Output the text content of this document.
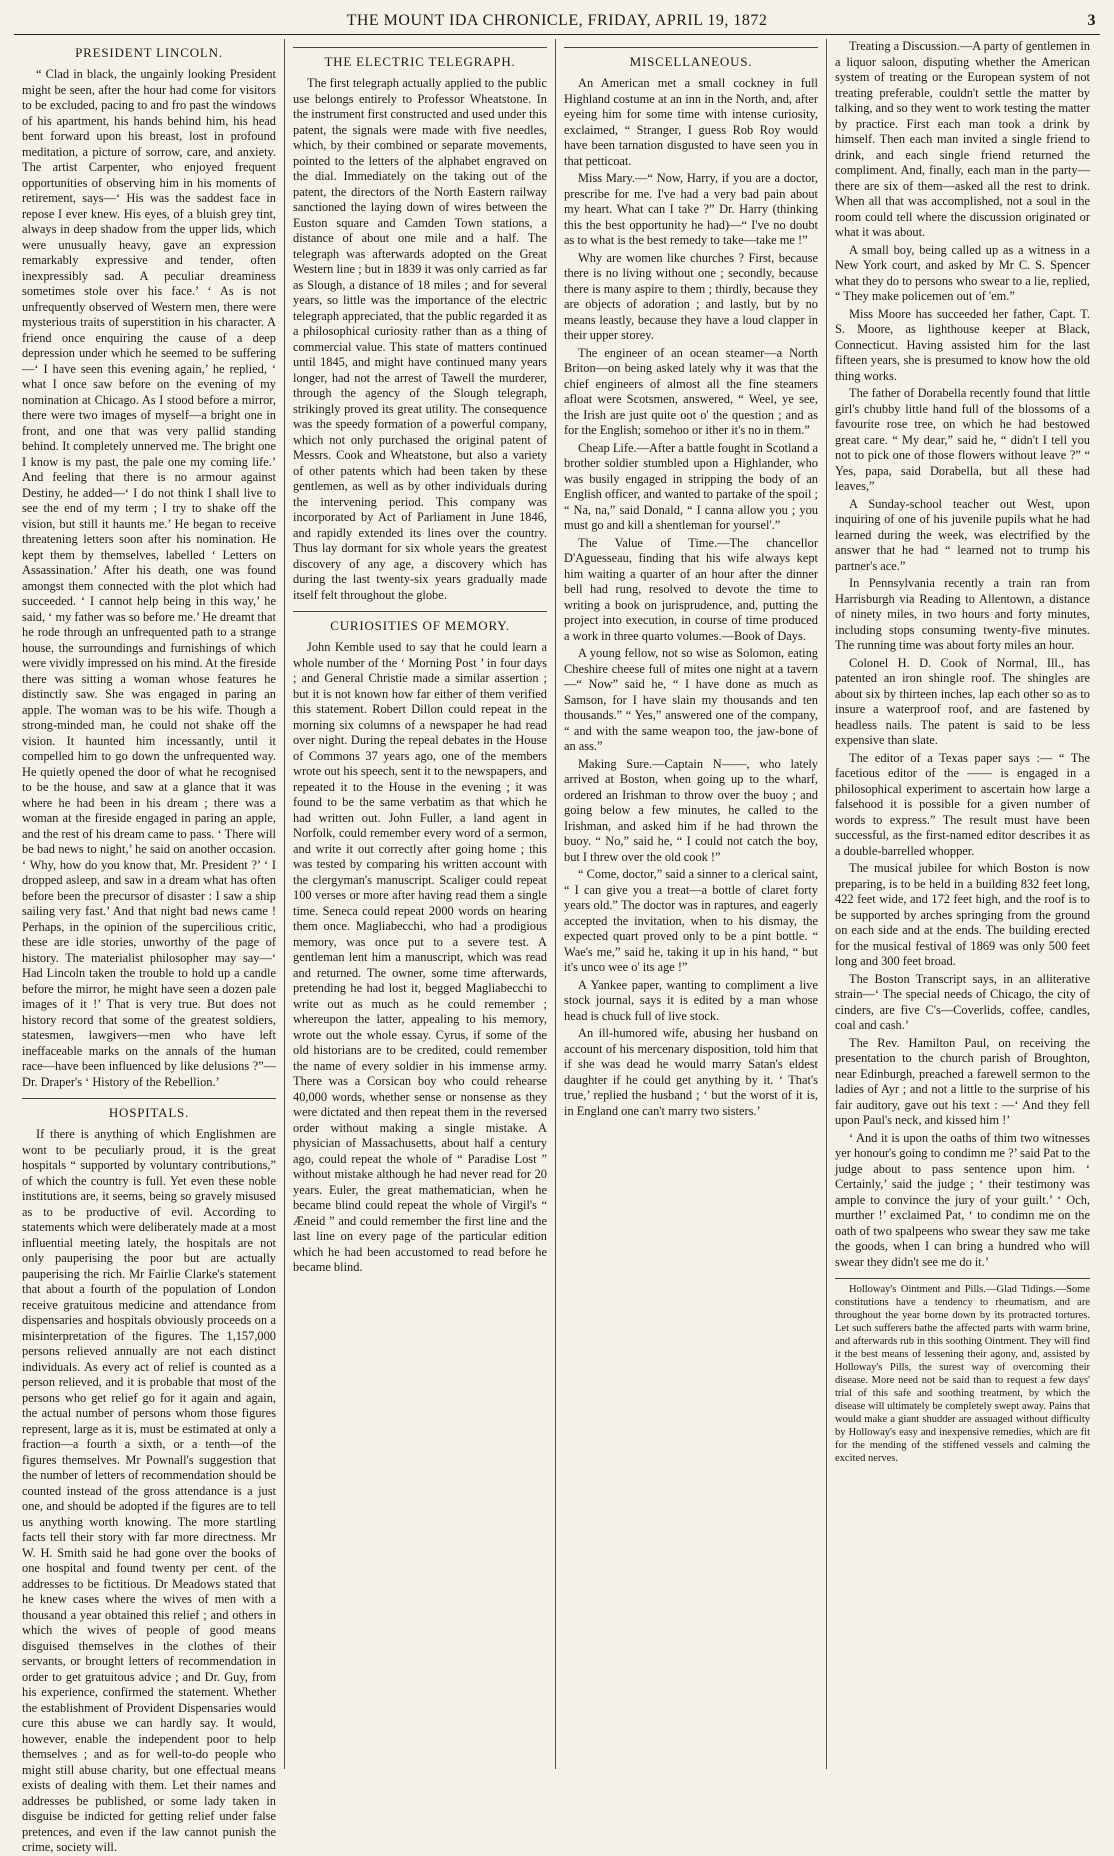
THE MOUNT IDA CHRONICLE, FRIDAY, APRIL 19, 1872	3
PRESIDENT LINCOLN.

“ Clad in black, the ungainly looking President might be seen, after the hour had come for visitors to be excluded, pacing to and fro past the windows of his apartment, his hands behind him, his head bent forward upon his breast, lost in profound meditation, a picture of sorrow, care, and anxiety. The artist Carpenter, who enjoyed frequent opportunities of observing him in his moments of retirement, says—‘ His was the saddest face in repose I ever knew. His eyes, of a bluish grey tint, always in deep shadow from the upper lids, which were unusually heavy, gave an expression remarkably expressive and tender, often inexpressibly sad. A peculiar dreaminess sometimes stole over his face.’ ‘ As is not unfrequently observed of Western men, there were mysterious traits of superstition in his character. A friend once enquiring the cause of a deep depression under which he seemed to be suffering—‘ I have seen this evening again,’ he replied, ‘ what I once saw before on the evening of my nomination at Chicago. As I stood before a mirror, there were two images of myself—a bright one in front, and one that was very pallid standing behind. It completely unnerved me. The bright one I know is my past, the pale one my coming life.’ And feeling that there is no armour against Destiny, he added—‘ I do not think I shall live to see the end of my term ; I try to shake off the vision, but still it haunts me.’ He began to receive threatening letters soon after his nomination. He kept them by themselves, labelled ‘ Letters on Assassination.’ After his death, one was found amongst them connected with the plot which had succeeded. ‘ I cannot help being in this way,’ he said, ‘ my father was so before me.’ He dreamt that he rode through an unfrequented path to a strange house, the surroundings and furnishings of which were vividly impressed on his mind. At the fireside there was sitting a woman whose features he distinctly saw. She was engaged in paring an apple. The woman was to be his wife. Though a strong-minded man, he could not shake off the vision. It haunted him incessantly, until it compelled him to go down the unfrequented way. He quietly opened the door of what he recognised to be the house, and saw at a glance that it was where he had been in his dream ; there was a woman at the fireside engaged in paring an apple, and the rest of his dream came to pass. ‘ There will be bad news to night,’ he said on another occasion. ‘ Why, how do you know that, Mr. President ?’ ‘ I dropped asleep, and saw in a dream what has often before been the precursor of disaster : I saw a ship sailing very fast.’ And that night bad news came ! Perhaps, in the opinion of the supercilious critic, these are idle stories, unworthy of the page of history. The materialist philosopher may say—‘ Had Lincoln taken the trouble to hold up a candle before the mirror, he might have seen a dozen pale images of it !’ That is very true. But does not history record that some of the greatest soldiers, statesmen, lawgivers—men who have left ineffaceable marks on the annals of the human race—have been influenced by like delusions ?”—Dr. Draper's ‘ History of the Rebellion.’

HOSPITALS.

If there is anything of which Englishmen are wont to be peculiarly proud, it is the great hospitals “ supported by voluntary contributions,” of which the country is full. Yet even these noble institutions are, it seems, being so gravely misused as to be productive of evil. According to statements which were deliberately made at a most influential meeting lately, the hospitals are not only pauperising the poor but are actually pauperising the rich. Mr Fairlie Clarke's statement that about a fourth of the population of London receive gratuitous medicine and attendance from dispensaries and hospitals obviously proceeds on a misinterpretation of the figures. The 1,157,000 persons relieved annually are not each distinct individuals. As every act of relief is counted as a person relieved, and it is probable that most of the persons who get relief go for it again and again, the actual number of persons whom those figures represent, large as it is, must be estimated at only a fraction—a fourth a sixth, or a tenth—of the figures themselves. Mr Pownall's suggestion that the number of letters of recommendation should be counted instead of the gross attendance is a just one, and should be adopted if the figures are to tell us anything worth knowing. The more startling facts tell their story with far more directness. Mr W. H. Smith said he had gone over the books of one hospital and found twenty per cent. of the addresses to be fictitious. Dr Meadows stated that he knew cases where the wives of men with a thousand a year obtained this relief ; and others in which the wives of people of good means disguised themselves in the clothes of their servants, or brought letters of recommendation in order to get gratuitous advice ; and Dr. Guy, from his experience, confirmed the statement. Whether the establishment of Provident Dispensaries would cure this abuse we can hardly say. It would, however, enable the independent poor to help themselves ; and as for well-to-do people who might still abuse charity, but one effectual means exists of dealing with them. Let their names and addresses be published, or some lady taken in disguise be indicted for getting relief under false pretences, and even if the law cannot punish the crime, society will.

THE ELECTRIC TELEGRAPH.

The first telegraph actually applied to the public use belongs entirely to Professor Wheatstone. In the instrument first constructed and used under this patent, the signals were made with five needles, which, by their combined or separate movements, pointed to the letters of the alphabet engraved on the dial. Immediately on the taking out of the patent, the directors of the North Eastern railway sanctioned the laying down of wires between the Euston square and Camden Town stations, a distance of about one mile and a half. The telegraph was afterwards adopted on the Great Western line ; but in 1839 it was only carried as far as Slough, a distance of 18 miles ; and for several years, so little was the importance of the electric telegraph appreciated, that the public regarded it as a philosophical curiosity rather than as a thing of commercial value. This state of matters continued until 1845, and might have continued many years longer, had not the arrest of Tawell the murderer, through the agency of the Slough telegraph, strikingly proved its great utility. The consequence was the speedy formation of a powerful company, which not only purchased the original patent of Messrs. Cook and Wheatstone, but also a variety of other patents which had been taken by these gentlemen, as well as by other individuals during the intervening period. This company was incorporated by Act of Parliament in June 1846, and rapidly extended its lines over the country. Thus lay dormant for six whole years the greatest discovery of any age, a discovery which has during the last twenty-six years gradually made itself felt throughout the globe.

CURIOSITIES OF MEMORY.

John Kemble used to say that he could learn a whole number of the ‘ Morning Post ’ in four days ; and General Christie made a similar assertion ; but it is not known how far either of them verified this statement. Robert Dillon could repeat in the morning six columns of a newspaper he had read over night. During the repeal debates in the House of Commons 37 years ago, one of the members wrote out his speech, sent it to the newspapers, and repeated it to the House in the evening ; it was found to be the same verbatim as that which he had written out. John Fuller, a land agent in Norfolk, could remember every word of a sermon, and write it out correctly after going home ; this was tested by comparing his written account with the clergyman's manuscript. Scaliger could repeat 100 verses or more after having read them a single time. Seneca could repeat 2000 words on hearing them once. Magliabecchi, who had a prodigious memory, was once put to a severe test. A gentleman lent him a manuscript, which was read and returned. The owner, some time afterwards, pretending he had lost it, begged Magliabecchi to write out as much as he could remember ; whereupon the latter, appealing to his memory, wrote out the whole essay. Cyrus, if some of the old historians are to be credited, could remember the name of every soldier in his immense army. There was a Corsican boy who could rehearse 40,000 words, whether sense or nonsense as they were dictated and then repeat them in the reversed order without making a single mistake. A physician of Massachusetts, about half a century ago, could repeat the whole of “ Paradise Lost ” without mistake although he had never read for 20 years. Euler, the great mathematician, when he became blind could repeat the whole of Virgil's “ Æneid ” and could remember the first line and the last line on every page of the particular edition which he had been accustomed to read before he became blind.

MISCELLANEOUS.

An American met a small cockney in full Highland costume at an inn in the North, and, after eyeing him for some time with intense curiosity, exclaimed, “ Stranger, I guess Rob Roy would have been tarnation disgusted to have seen you in that petticoat.

Miss Mary.—“ Now, Harry, if you are a doctor, prescribe for me. I've had a very bad pain about my heart. What can I take ?” Dr. Harry (thinking this the best opportunity he had)—“ I've no doubt as to what is the best remedy to take—take me !”

Why are women like churches ? First, because there is no living without one ; secondly, because there is many aspire to them ; thirdly, because they are objects of adoration ; and lastly, but by no means leastly, because they have a loud clapper in their upper storey.

The engineer of an ocean steamer—a North Briton—on being asked lately why it was that the chief engineers of almost all the fine steamers afloat were Scotsmen, answered, “ Weel, ye see, the Irish are just quite oot o' the question ; and as for the English; somehoo or ither it's no in them.”

Cheap Life.—After a battle fought in Scotland a brother soldier stumbled upon a Highlander, who was busily engaged in stripping the body of an English officer, and wanted to partake of the spoil ; “ Na, na,” said Donald, “ I canna allow you ; you must go and kill a shentleman for yoursel'.”

The Value of Time.—The chancellor D'Aguesseau, finding that his wife always kept him waiting a quarter of an hour after the dinner bell had rung, resolved to devote the time to writing a book on jurisprudence, and, putting the project into execution, in course of time produced a work in three quarto volumes.—Book of Days.

A young fellow, not so wise as Solomon, eating Cheshire cheese full of mites one night at a tavern—“ Now” said he, “ I have done as much as Samson, for I have slain my thousands and ten thousands.” “ Yes,” answered one of the company, “ and with the same weapon too, the jaw-bone of an ass.”

Making Sure.—Captain N——, who lately arrived at Boston, when going up to the wharf, ordered an Irishman to throw over the buoy ; and going below a few minutes, he called to the Irishman, and asked him if he had thrown the buoy. “ No,” said he, “ I could not catch the boy, but I threw over the old cook !”

“ Come, doctor,” said a sinner to a clerical saint, “ I can give you a treat—a bottle of claret forty years old.” The doctor was in raptures, and eagerly accepted the invitation, when to his dismay, the expected quart proved only to be a pint bottle. “ Wae's me,” said he, taking it up in his hand, “ but it's unco wee o' its age !”

A Yankee paper, wanting to compliment a live stock journal, says it is edited by a man whose head is chuck full of live stock.

An ill-humored wife, abusing her husband on account of his mercenary disposition, told him that if she was dead he would marry Satan's eldest daughter if he could get anything by it. ‘ That's true,’ replied the husband ; ‘ but the worst of it is, in England one can't marry two sisters.’

Treating a Discussion.—A party of gentlemen in a liquor saloon, disputing whether the American system of treating or the European system of not treating preferable, couldn't settle the matter by talking, and so they went to work testing the matter by practice. First each man took a drink by himself. Then each man invited a single friend to drink, and each single friend returned the compliment. And, finally, each man in the party—there are six of them—asked all the rest to drink. When all that was accomplished, not a soul in the room could tell where the discussion originated or what it was about.

A small boy, being called up as a witness in a New York court, and asked by Mr C. S. Spencer what they do to persons who swear to a lie, replied, “ They make policemen out of 'em.”

Miss Moore has succeeded her father, Capt. T. S. Moore, as lighthouse keeper at Black, Connecticut. Having assisted him for the last fifteen years, she is presumed to know how the old thing works.

The father of Dorabella recently found that little girl's chubby little hand full of the blossoms of a favourite rose tree, on which he had bestowed great care. “ My dear,” said he, “ didn't I tell you not to pick one of those flowers without leave ?” “ Yes, papa, said Dorabella, but all these had leaves,”

A Sunday-school teacher out West, upon inquiring of one of his juvenile pupils what he had learned during the week, was electrified by the answer that he had “ learned not to trump his partner's ace.”

In Pennsylvania recently a train ran from Harrisburgh via Reading to Allentown, a distance of ninety miles, in two hours and forty minutes, including stops consuming twenty-five minutes. The running time was about forty miles an hour.

Colonel H. D. Cook of Normal, Ill., has patented an iron shingle roof. The shingles are about six by thirteen inches, lap each other so as to insure a waterproof roof, and are fastened by headless nails. The patent is said to be less expensive than slate.

The editor of a Texas paper says :— “ The facetious editor of the —— is engaged in a philosophical experiment to ascertain how large a falsehood it is possible for a given number of words to express.” The result must have been successful, as the first-named editor describes it as a double-barrelled whopper.

The musical jubilee for which Boston is now preparing, is to be held in a building 832 feet long, 422 feet wide, and 172 feet high, and the roof is to be supported by arches springing from the ground on each side and at the ends. The building erected for the musical festival of 1869 was only 500 feet long and 300 feet broad.

The Boston Transcript says, in an alliterative strain—‘ The special needs of Chicago, the city of cinders, are five C's—Coverlids, coffee, candles, coal and cash.’

The Rev. Hamilton Paul, on receiving the presentation to the church parish of Broughton, near Edinburgh, preached a farewell sermon to the ladies of Ayr ; and not a little to the surprise of his fair auditory, gave out his text : —‘ And they fell upon Paul's neck, and kissed him !’

‘ And it is upon the oaths of thim two witnesses yer honour's going to condimn me ?’ said Pat to the judge about to pass sentence upon him. ‘ Certainly,’ said the judge ; ‘ their testimony was ample to convince the jury of your guilt.’ ‘ Och, murther !’ exclaimed Pat, ‘ to condimn me on the oath of two spalpeens who swear they saw me take the goods, when I can bring a hundred who will swear they didn't see me do it.’

Holloway's Ointment and Pills.—Glad Tidings.—Some constitutions have a tendency to rheumatism, and are throughout the year borne down by its protracted tortures. Let such sufferers bathe the affected parts with warm brine, and afterwards rub in this soothing Ointment. They will find it the best means of lessening their agony, and, assisted by Holloway's Pills, the surest way of overcoming their disease. More need not be said than to request a few days' trial of this safe and soothing treatment, by which the disease will ultimately be completely swept away. Pains that would make a giant shudder are assuaged without difficulty by Holloway's easy and inexpensive remedies, which are fit for the mending of the stiffened vessels and calming the excited nerves.
